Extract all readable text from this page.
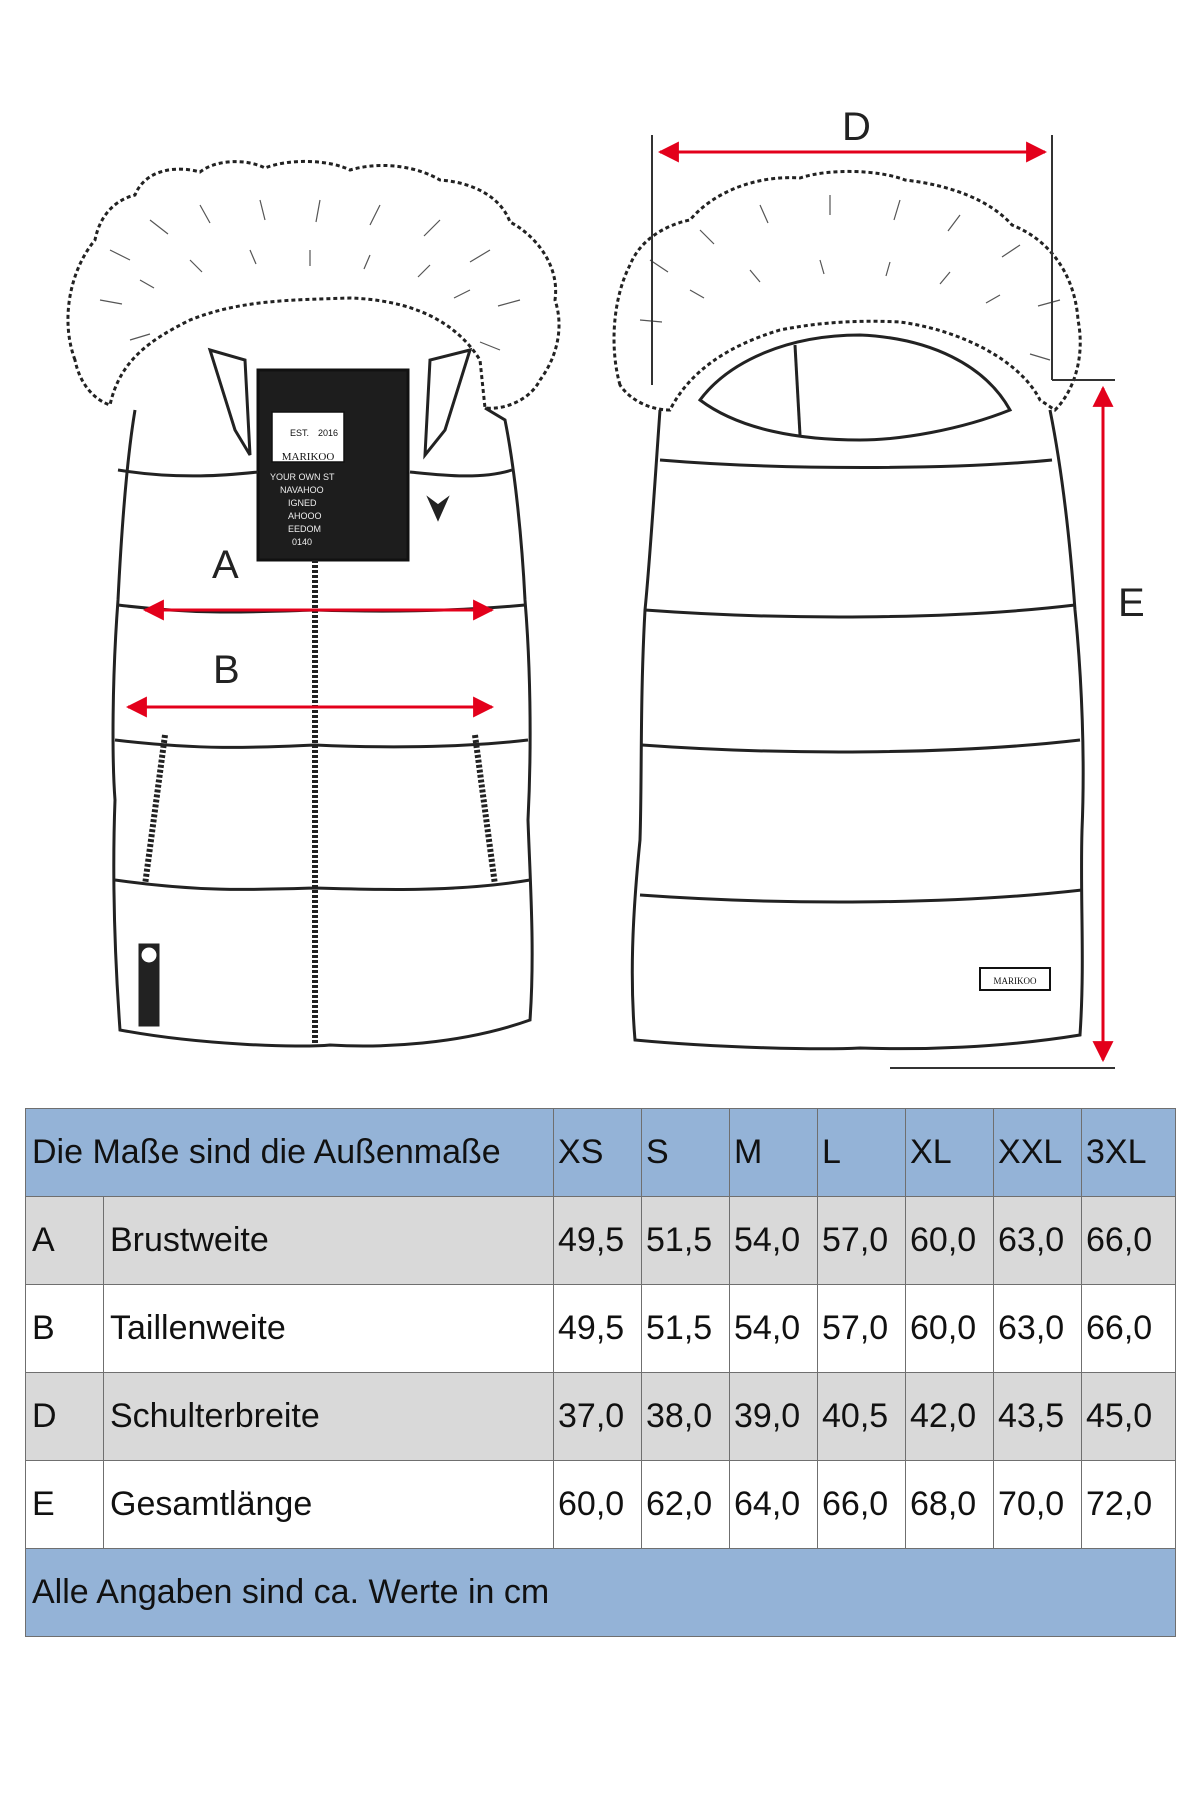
MARIKOO
EST. 2016
YOUR OWN ST
NAVAHOO
IGNED
AHOOO
EEDOM
0140
A
B
MARIKOO
D
E
Die Maße sind die Außenmaße		XS	S	M	L	XL	XXL	3XL
A	Brustweite	49,5	51,5	54,0	57,0	60,0	63,0	66,0
B	Taillenweite	49,5	51,5	54,0	57,0	60,0	63,0	66,0
D	Schulterbreite	37,0	38,0	39,0	40,5	42,0	43,5	45,0
E	Gesamtlänge	60,0	62,0	64,0	66,0	68,0	70,0	72,0
Alle Angaben sind ca. Werte in cm								
